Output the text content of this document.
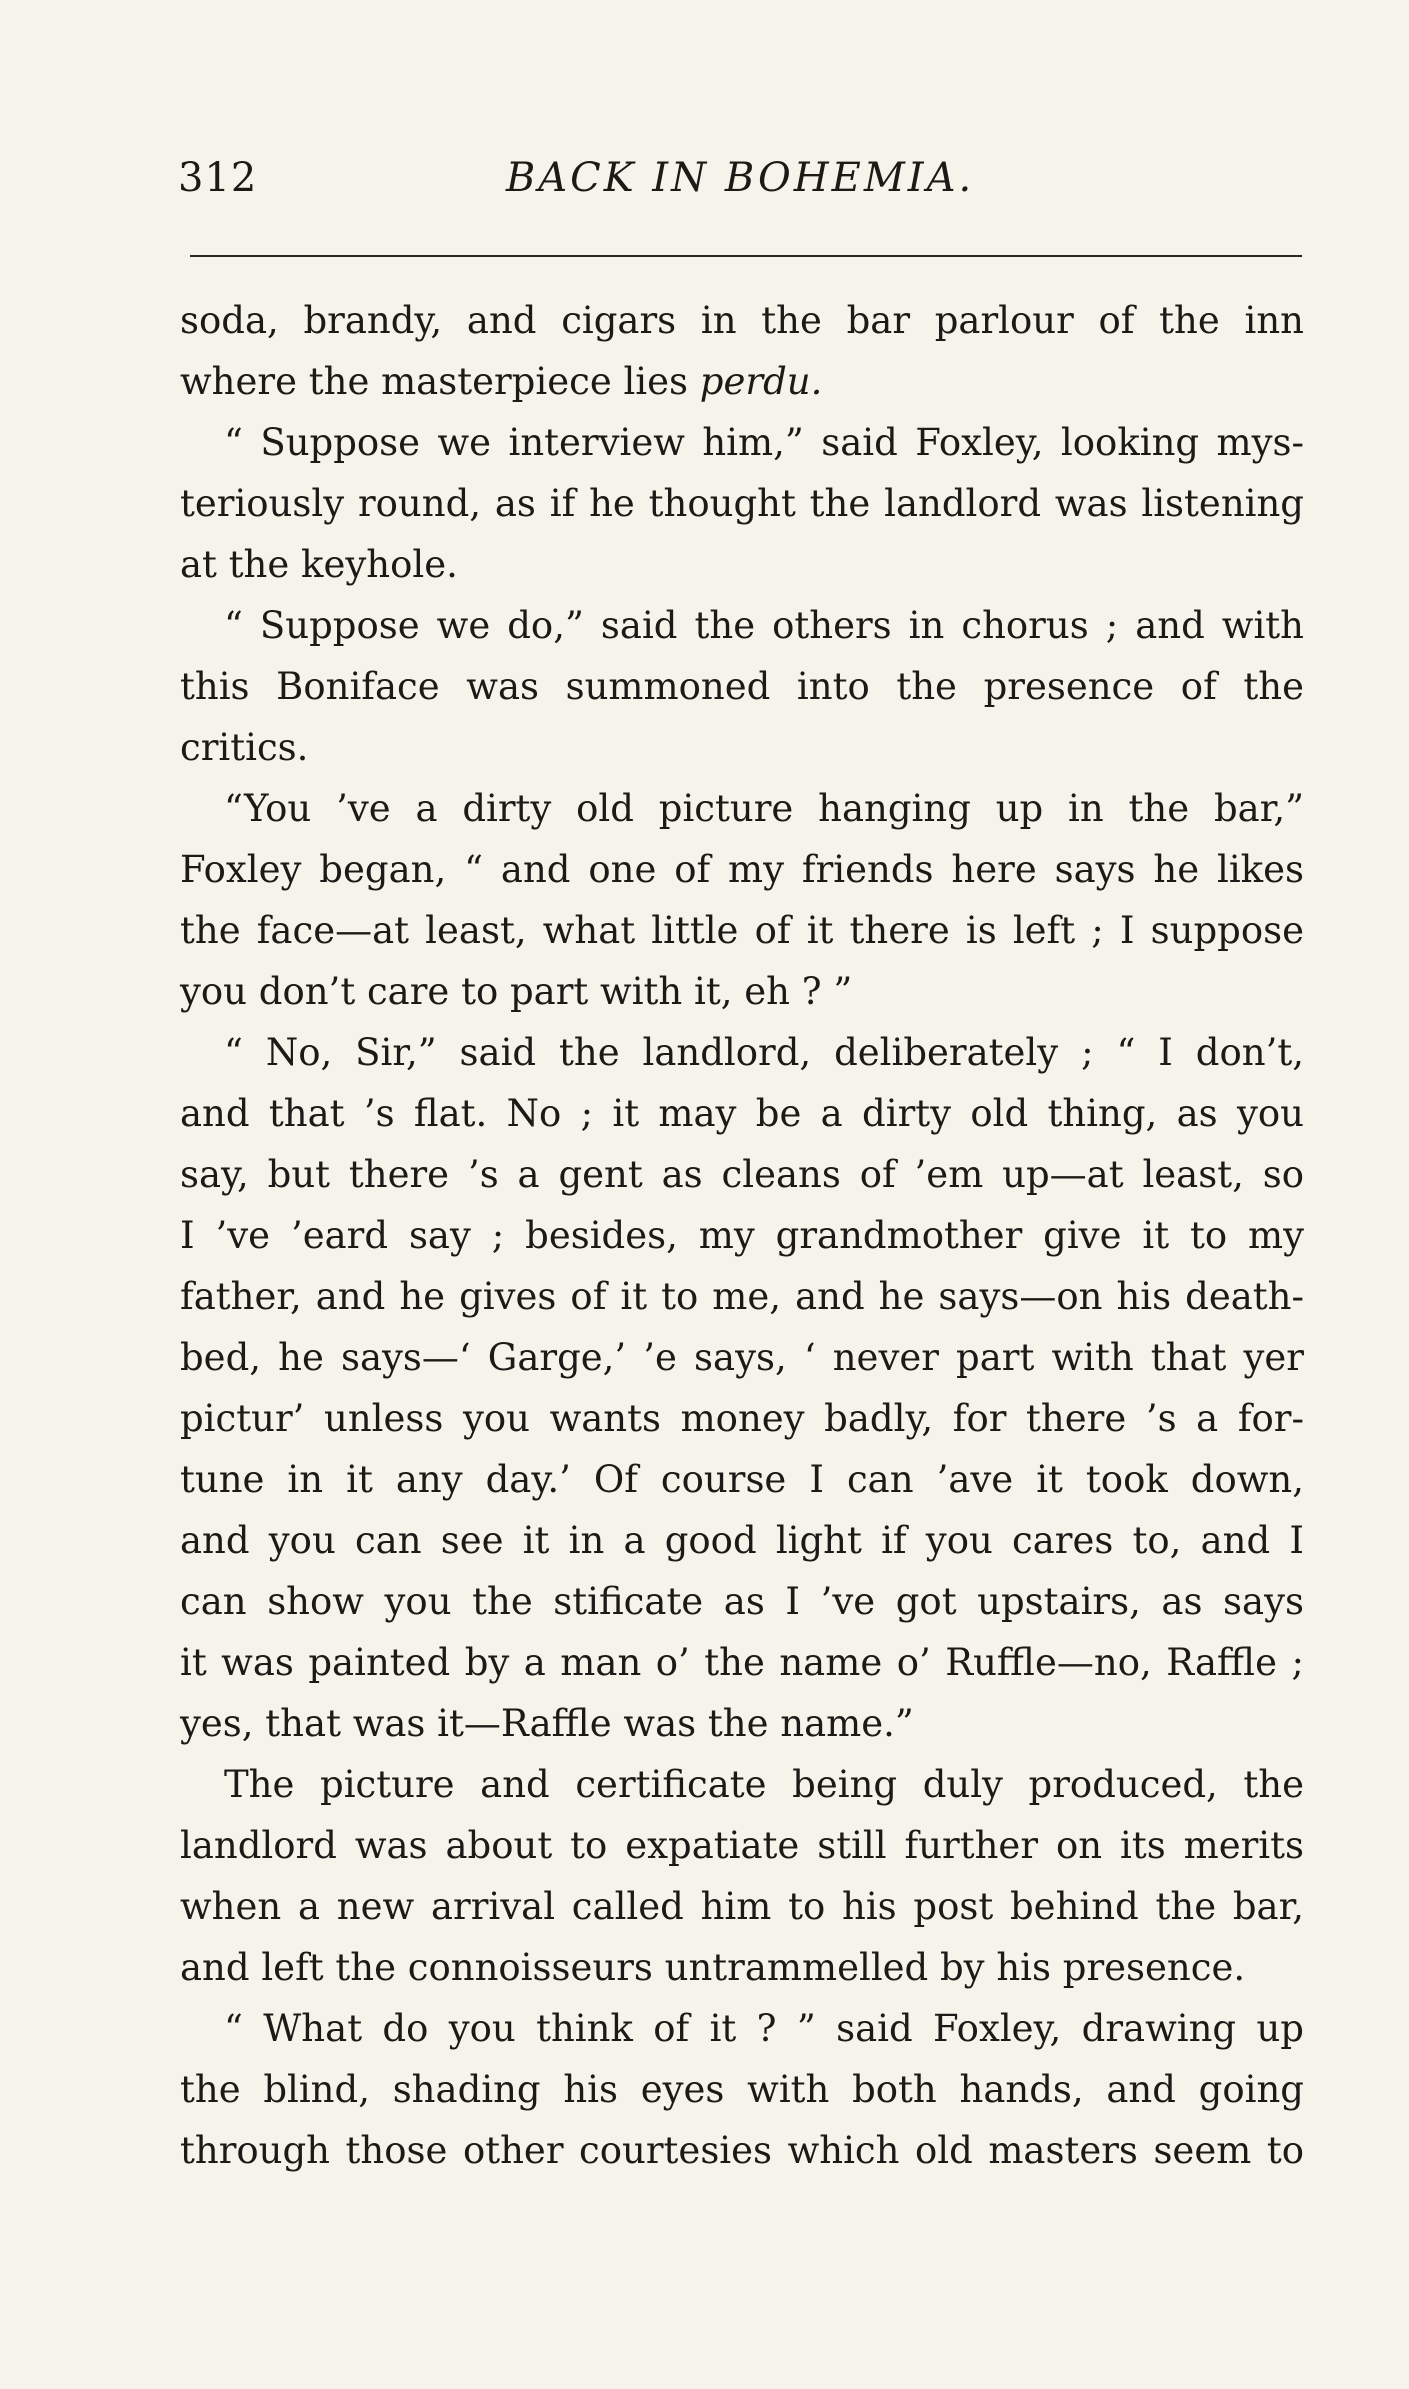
312	BACK IN BOHEMIA.

soda, brandy, and cigars in the bar parlour of the inn
where the masterpiece lies perdu.

“ Suppose we interview him,” said Foxley, looking mys-
teriously round, as if he thought the landlord was listening
at the keyhole.

“ Suppose we do,” said the others in chorus ; and with
this Boniface was summoned into the presence of the
critics.

“You ’ve a dirty old picture hanging up in the bar,”
Foxley began, “ and one of my friends here says he likes
the face—at least, what little of it there is left ; I suppose
you don’t care to part with it, eh ? ”

“ No, Sir,” said the landlord, deliberately ; “ I don’t,
and that ’s flat. No ; it may be a dirty old thing, as you
say, but there ’s a gent as cleans of ’em up—at least, so
I ’ve ’eard say ; besides, my grandmother give it to my
father, and he gives of it to me, and he says—on his death-
bed, he says—‘ Garge,’ ’e says, ‘ never part with that yer
pictur’ unless you wants money badly, for there ’s a for-
tune in it any day.’ Of course I can ’ave it took down,
and you can see it in a good light if you cares to, and I
can show you the stificate as I ’ve got upstairs, as says
it was painted by a man o’ the name o’ Ruffle—no, Raffle ;
yes, that was it—Raffle was the name.”

The picture and certificate being duly produced, the
landlord was about to expatiate still further on its merits
when a new arrival called him to his post behind the bar,
and left the connoisseurs untrammelled by his presence.

“ What do you think of it ? ” said Foxley, drawing up
the blind, shading his eyes with both hands, and going
through those other courtesies which old masters seem to
